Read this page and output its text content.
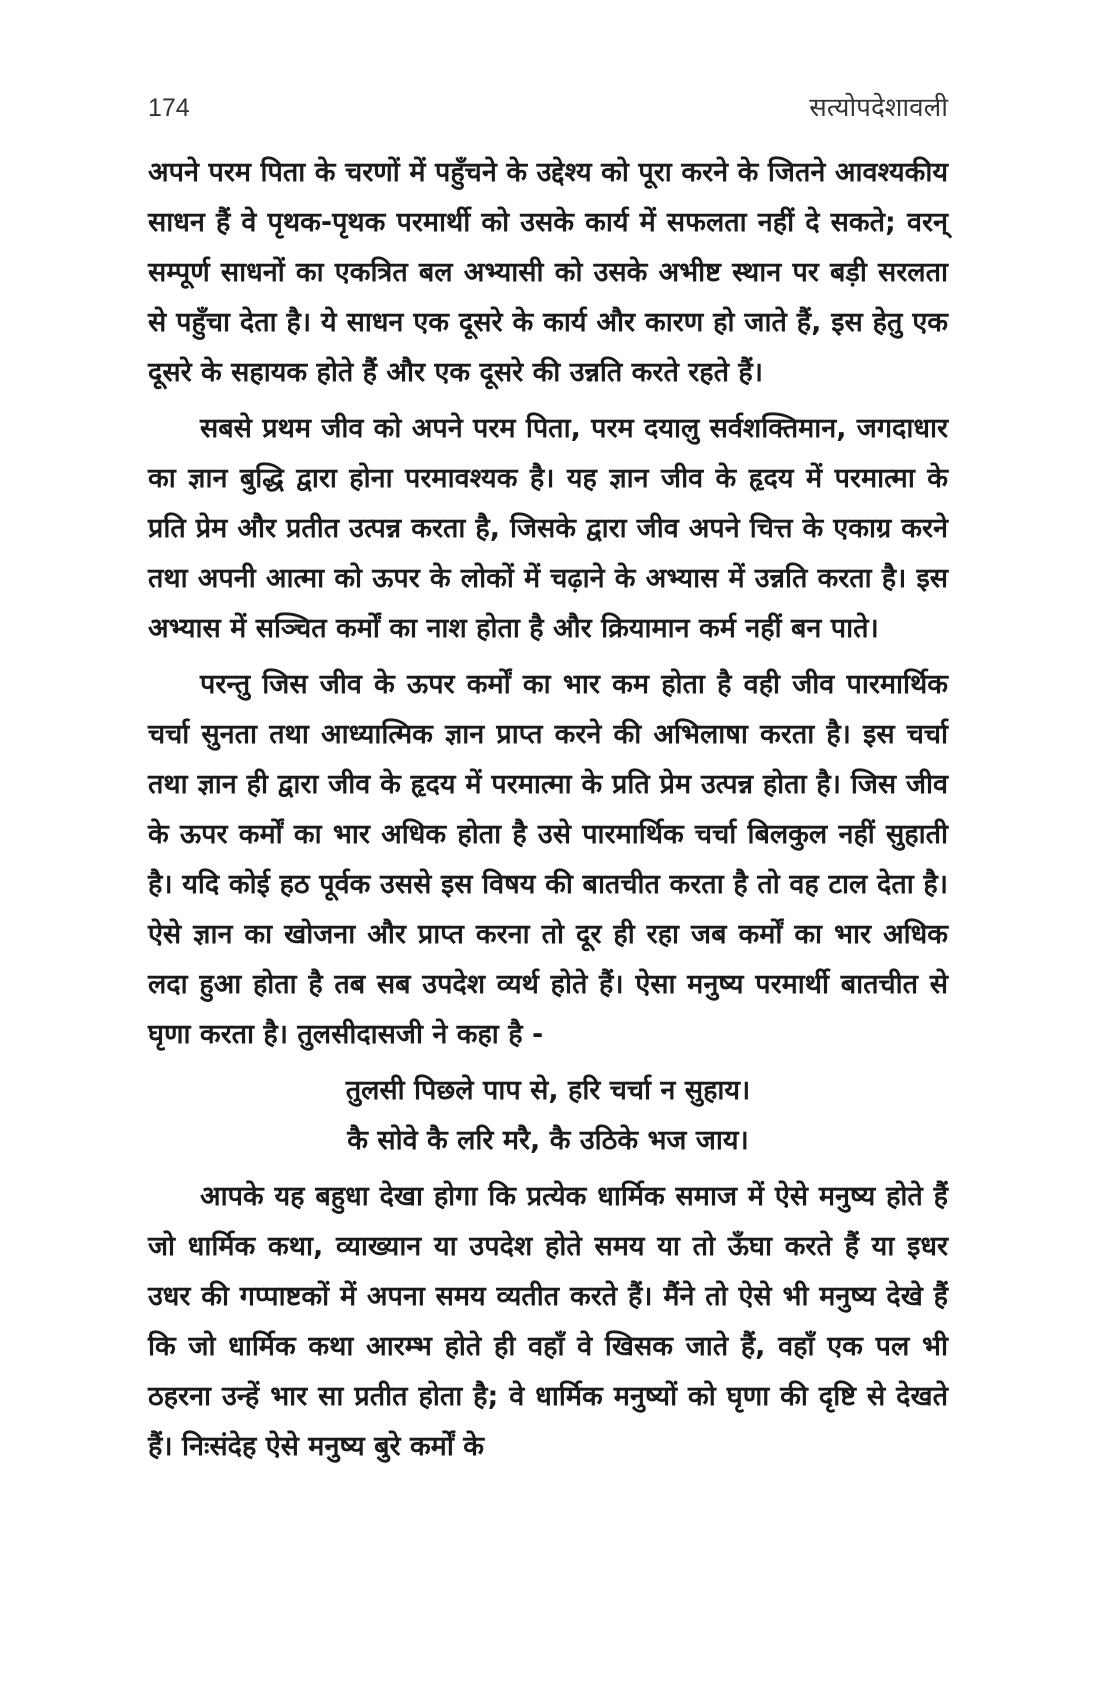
174	सत्योपदेशावली

अपने परम पिता के चरणों में पहुँचने के उद्देश्य को पूरा करने के जितने आवश्यकीय साधन हैं वे पृथक-पृथक परमार्थी को उसके कार्य में सफलता नहीं दे सकते; वरन् सम्पूर्ण साधनों का एकत्रित बल अभ्यासी को उसके अभीष्ट स्थान पर बड़ी सरलता से पहुँचा देता है। ये साधन एक दूसरे के कार्य और कारण हो जाते हैं, इस हेतु एक दूसरे के सहायक होते हैं और एक दूसरे की उन्नति करते रहते हैं।

सबसे प्रथम जीव को अपने परम पिता, परम दयालु सर्वशक्तिमान, जगदाधार का ज्ञान बुद्धि द्वारा होना परमावश्यक है। यह ज्ञान जीव के हृदय में परमात्मा के प्रति प्रेम और प्रतीत उत्पन्न करता है, जिसके द्वारा जीव अपने चित्त के एकाग्र करने तथा अपनी आत्मा को ऊपर के लोकों में चढ़ाने के अभ्यास में उन्नति करता है। इस अभ्यास में सञ्चित कर्मों का नाश होता है और क्रियामान कर्म नहीं बन पाते।

परन्तु जिस जीव के ऊपर कर्मों का भार कम होता है वही जीव पारमार्थिक चर्चा सुनता तथा आध्यात्मिक ज्ञान प्राप्त करने की अभिलाषा करता है। इस चर्चा तथा ज्ञान ही द्वारा जीव के हृदय में परमात्मा के प्रति प्रेम उत्पन्न होता है। जिस जीव के ऊपर कर्मों का भार अधिक होता है उसे पारमार्थिक चर्चा बिलकुल नहीं सुहाती है। यदि कोई हठ पूर्वक उससे इस विषय की बातचीत करता है तो वह टाल देता है। ऐसे ज्ञान का खोजना और प्राप्त करना तो दूर ही रहा जब कर्मों का भार अधिक लदा हुआ होता है तब सब उपदेश व्यर्थ होते हैं। ऐसा मनुष्य परमार्थी बातचीत से घृणा करता है। तुलसीदासजी ने कहा है -

तुलसी पिछले पाप से, हरि चर्चा न सुहाय।

कै सोवे कै लरि मरै, कै उठिके भज जाय।

आपके यह बहुधा देखा होगा कि प्रत्येक धार्मिक समाज में ऐसे मनुष्य होते हैं जो धार्मिक कथा, व्याख्यान या उपदेश होते समय या तो ऊँघा करते हैं या इधर उधर की गप्पाष्टकों में अपना समय व्यतीत करते हैं। मैंने तो ऐसे भी मनुष्य देखे हैं कि जो धार्मिक कथा आरम्भ होते ही वहाँ वे खिसक जाते हैं, वहाँ एक पल भी ठहरना उन्हें भार सा प्रतीत होता है; वे धार्मिक मनुष्यों को घृणा की दृष्टि से देखते हैं। निःसंदेह ऐसे मनुष्य बुरे कर्मों के
